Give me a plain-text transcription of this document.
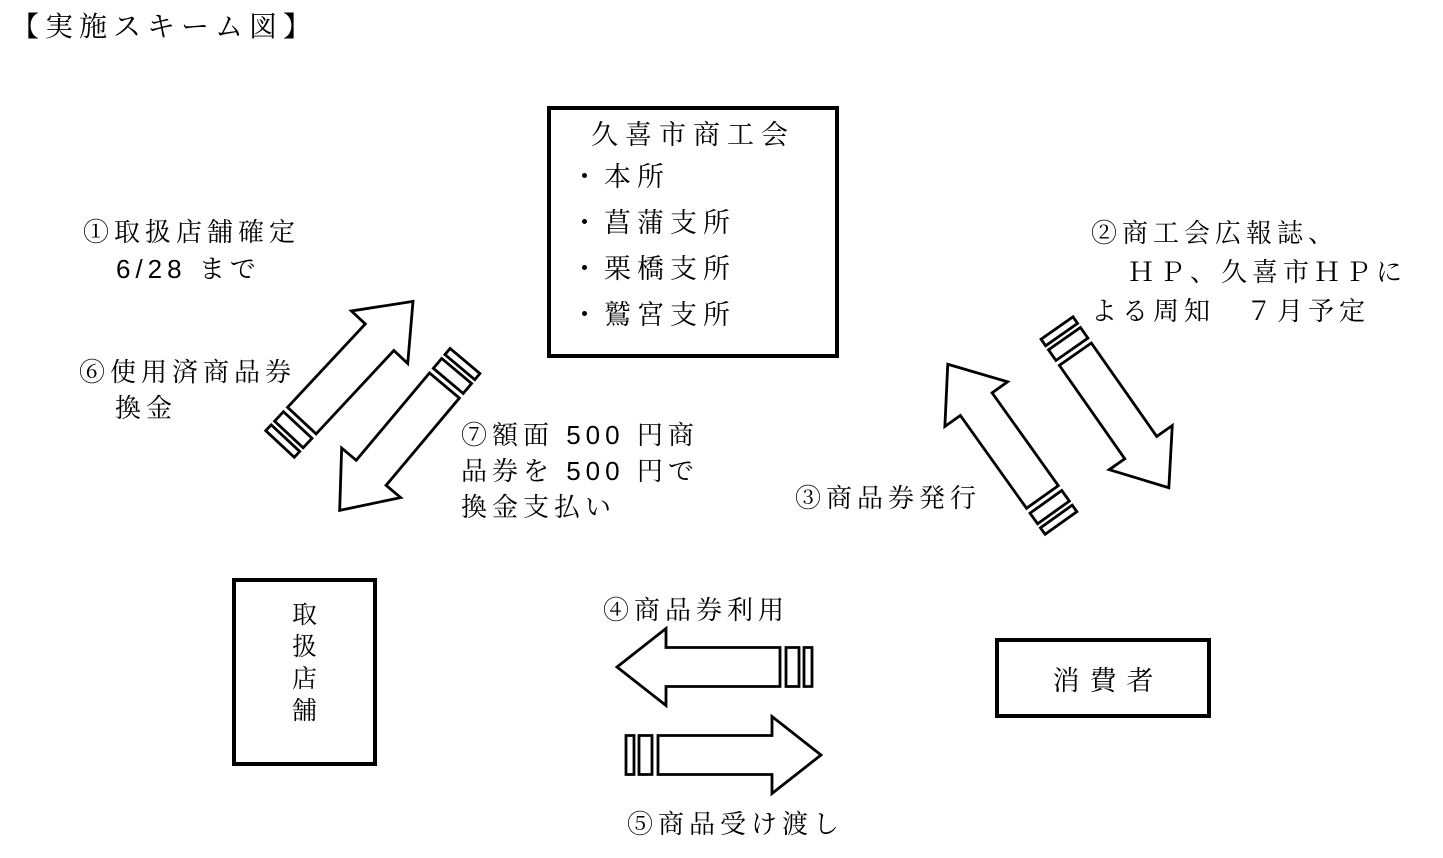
【実施スキーム図】
久喜市商工会
・本所
・菖蒲支所
・栗橋支所
・鷲宮支所
取
扱
店
舗
消費者
①取扱店舗確定
6/28 まで
②商工会広報誌、
ＨＰ、久喜市ＨＰに
よる周知　７月予定
③商品券発行
④商品券利用
⑤商品受け渡し
⑥使用済商品券
換金
⑦額面 500 円商
品券を 500 円で
換金支払い
